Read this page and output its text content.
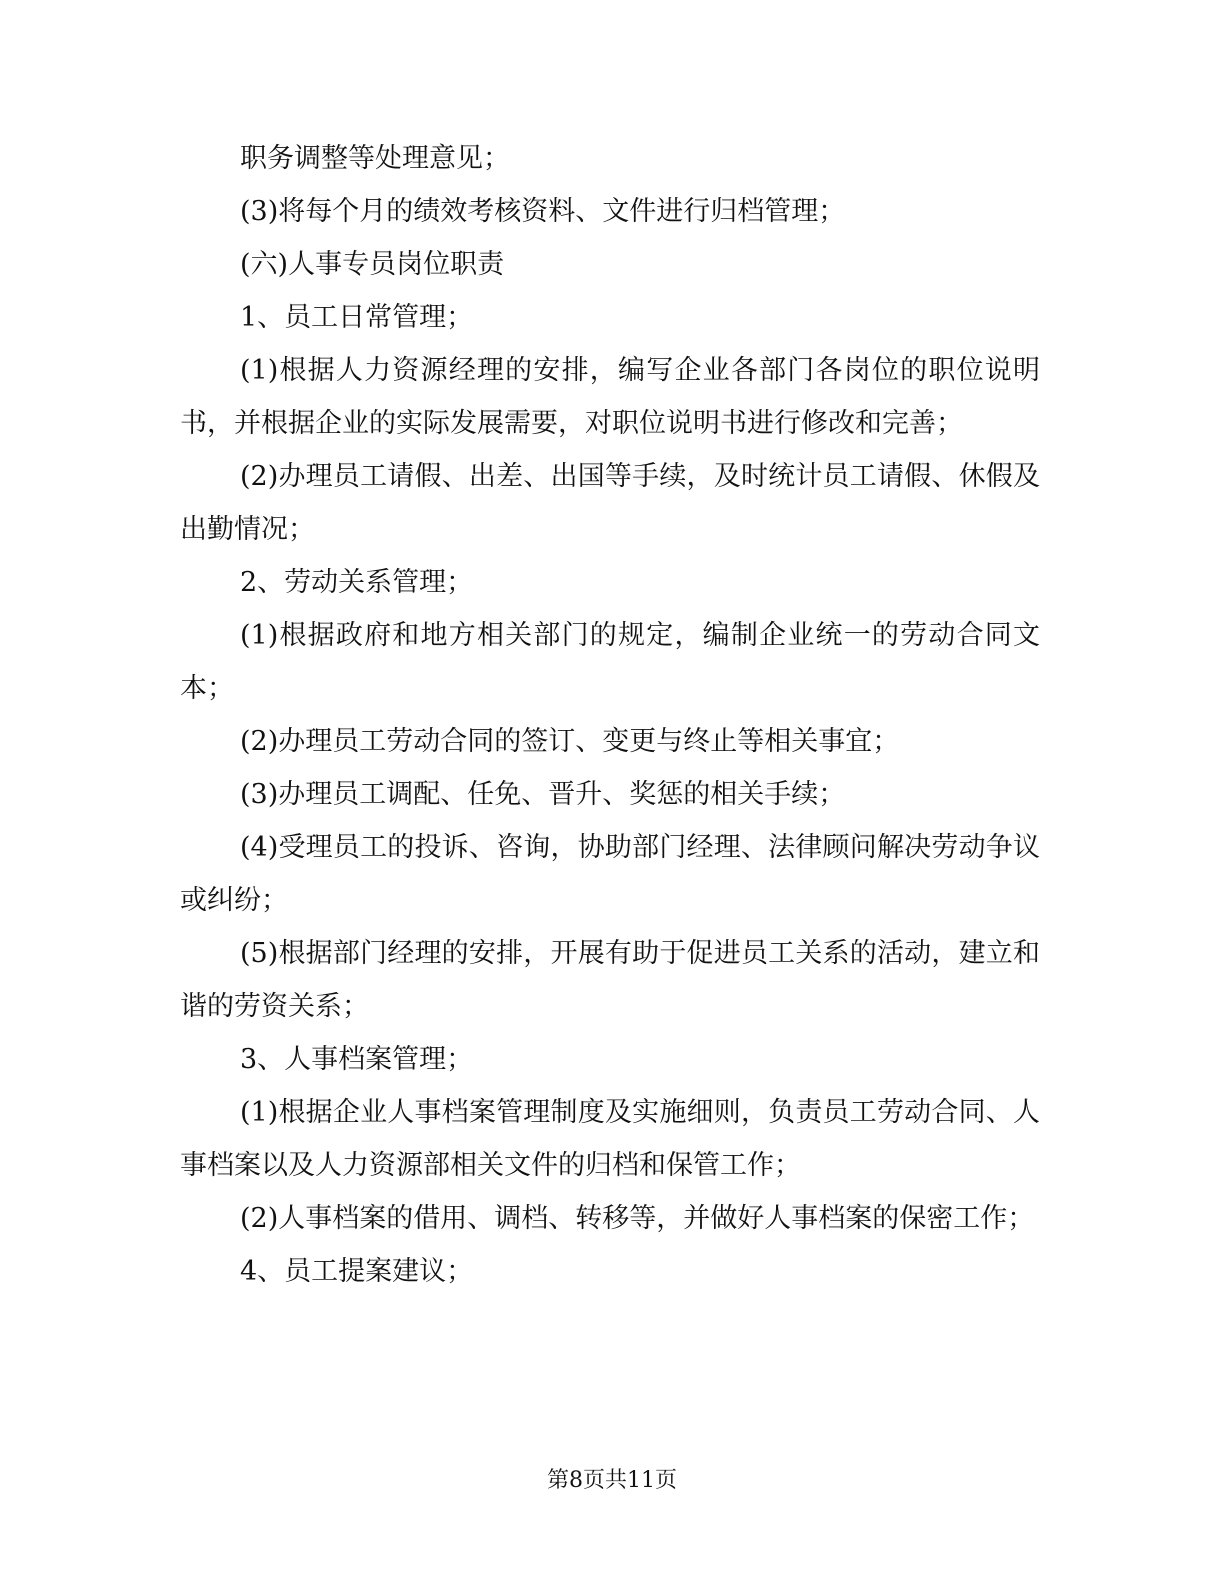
职务调整等处理意见；

(3)将每个月的绩效考核资料、文件进行归档管理；

(六)人事专员岗位职责

1、员工日常管理；

(1)根据人力资源经理的安排，编写企业各部门各岗位的职位说明书，并根据企业的实际发展需要，对职位说明书进行修改和完善；

(2)办理员工请假、出差、出国等手续，及时统计员工请假、休假及出勤情况；

2、劳动关系管理；

(1)根据政府和地方相关部门的规定，编制企业统一的劳动合同文本；

(2)办理员工劳动合同的签订、变更与终止等相关事宜；

(3)办理员工调配、任免、晋升、奖惩的相关手续；

(4)受理员工的投诉、咨询，协助部门经理、法律顾问解决劳动争议或纠纷；

(5)根据部门经理的安排，开展有助于促进员工关系的活动，建立和谐的劳资关系；

3、人事档案管理；

(1)根据企业人事档案管理制度及实施细则，负责员工劳动合同、人事档案以及人力资源部相关文件的归档和保管工作；

(2)人事档案的借用、调档、转移等，并做好人事档案的保密工作；

4、员工提案建议；

第8页共11页
